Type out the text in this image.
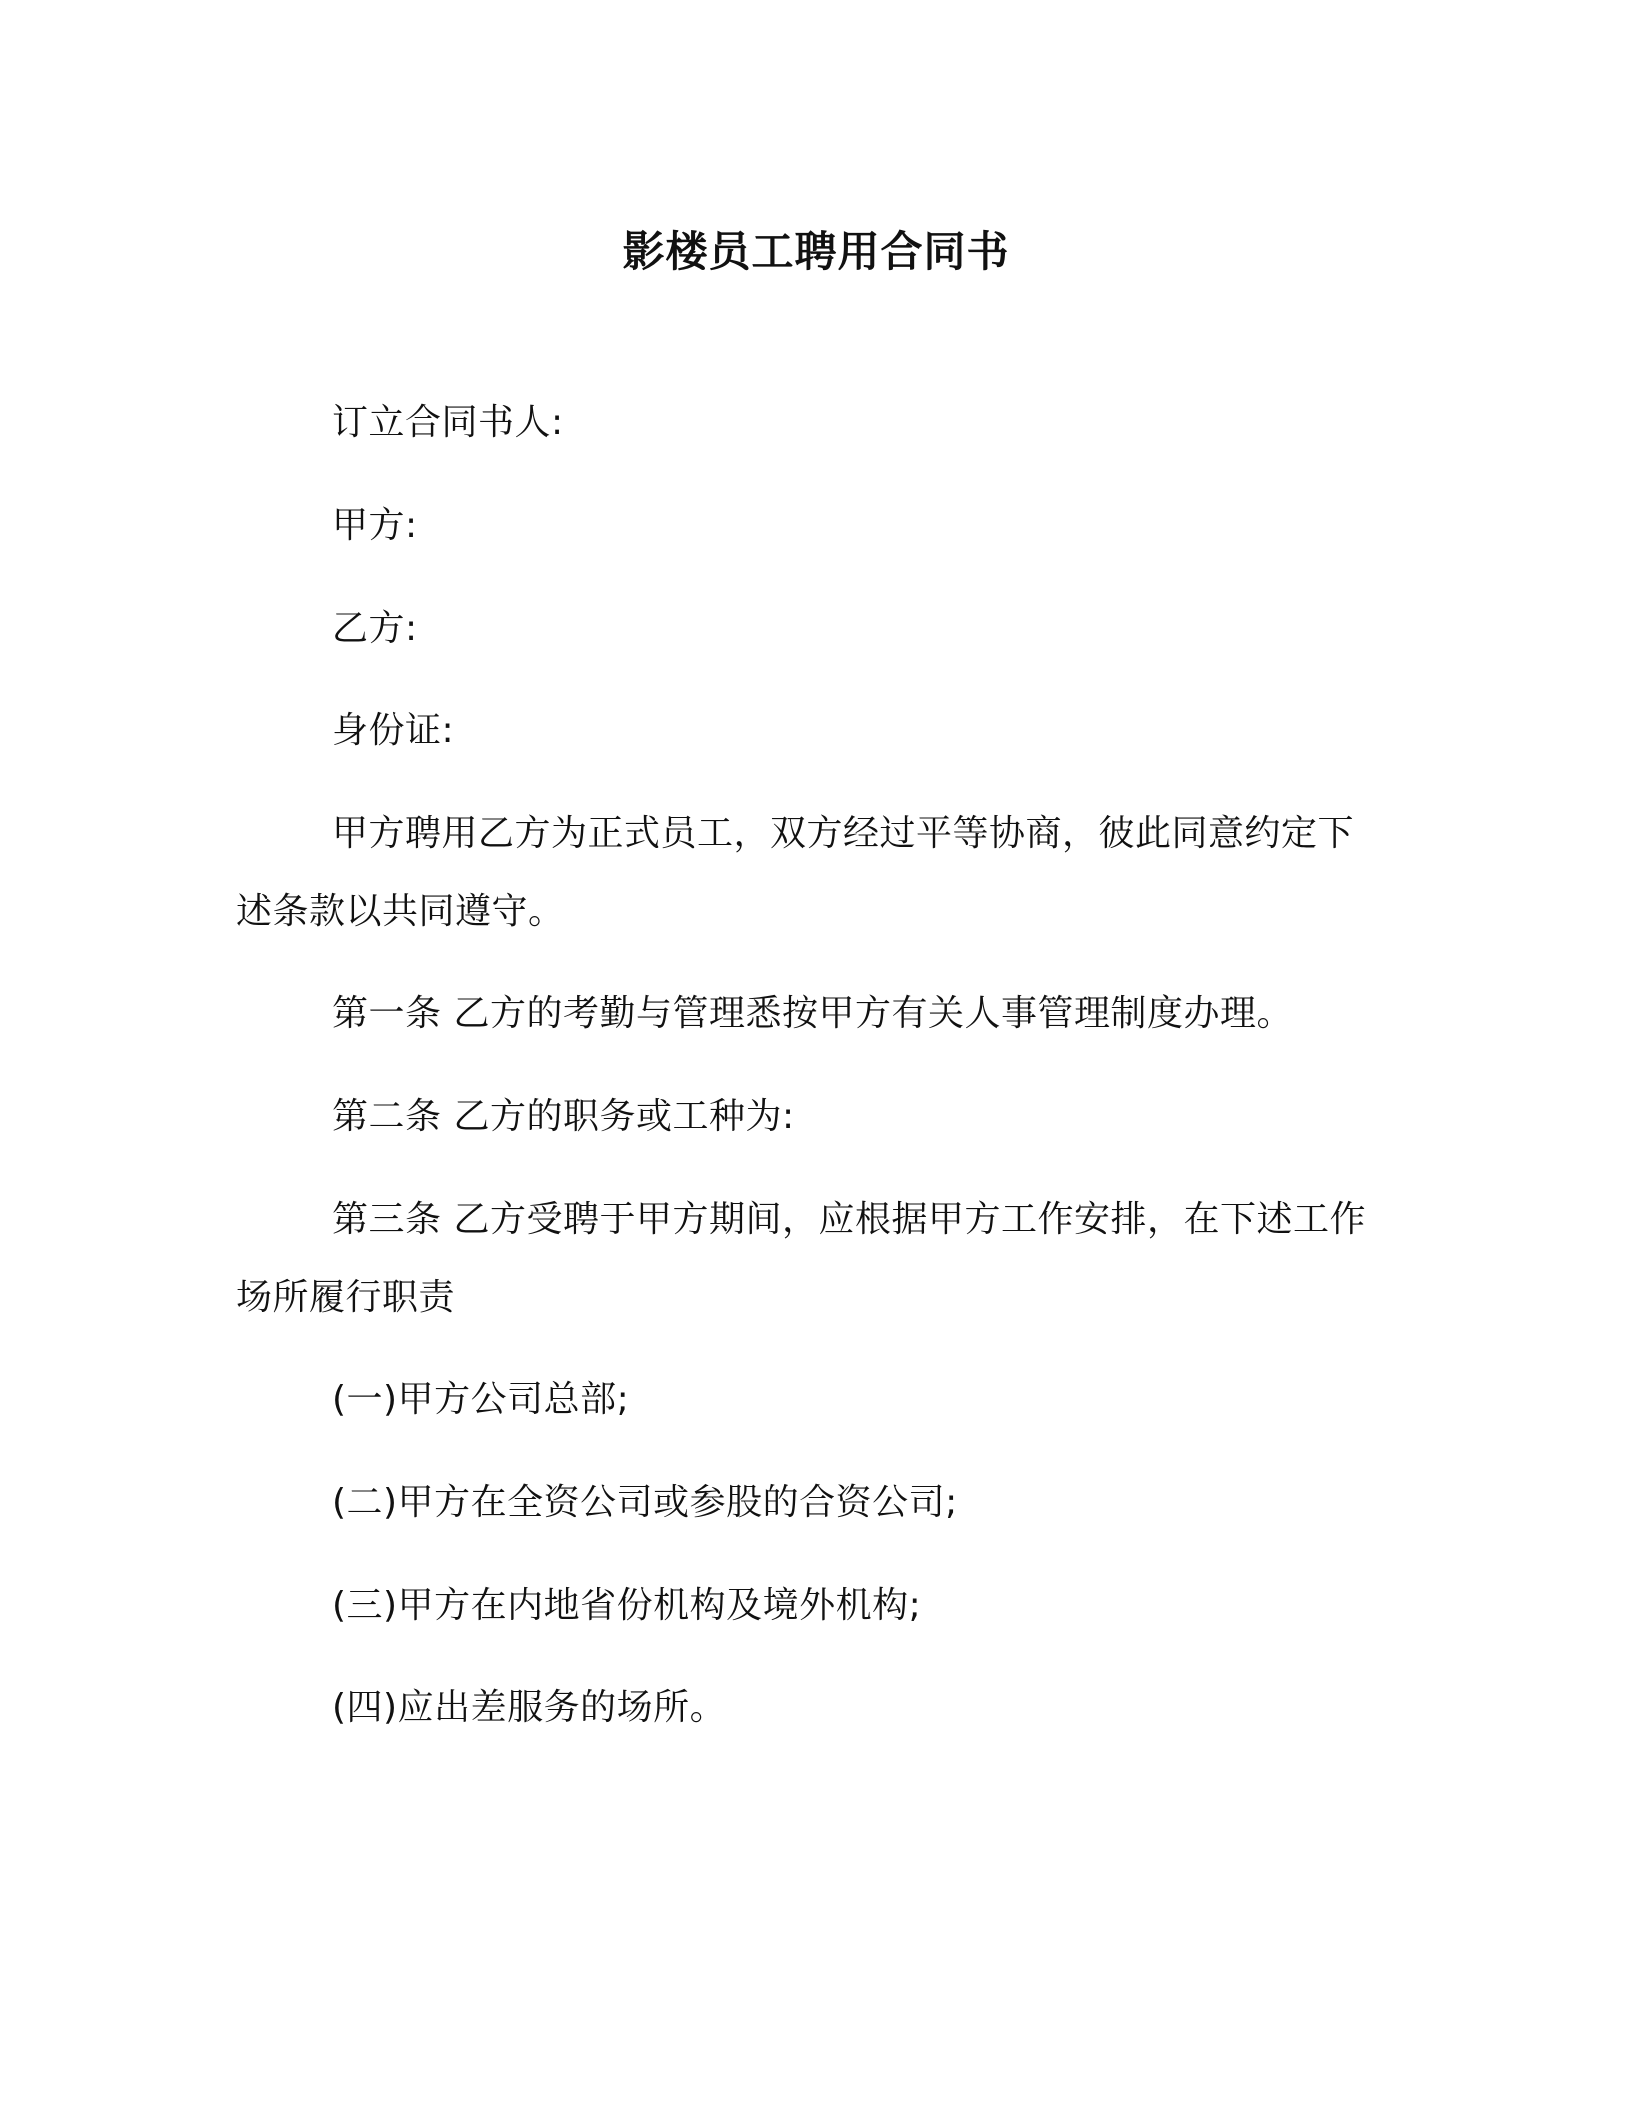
影楼员工聘用合同书
订立合同书人:
甲方:
乙方:
身份证:
甲方聘用乙方为正式员工，双方经过平等协商，彼此同意约定下述条款以共同遵守。
第一条 乙方的考勤与管理悉按甲方有关人事管理制度办理。
第二条 乙方的职务或工种为:
第三条 乙方受聘于甲方期间，应根据甲方工作安排，在下述工作场所履行职责
(一)甲方公司总部;
(二)甲方在全资公司或参股的合资公司;
(三)甲方在内地省份机构及境外机构;
(四)应出差服务的场所。
